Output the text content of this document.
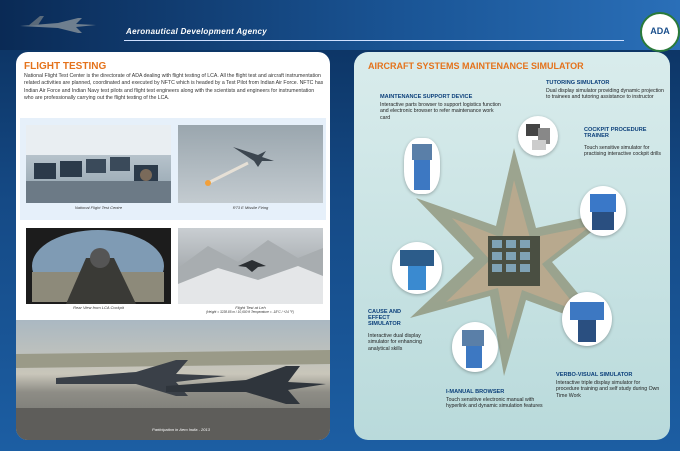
Aeronautical Development Agency	ADA
FLIGHT TESTING
National Flight Test Center is the directorate of ADA dealing with flight testing of LCA. All the flight test and aircraft instrumentation related activities are planned, coordinated and executed by NFTC which is headed by a Test Pilot from Indian Air Force. NFTC has Indian Air Force and Indian Navy test pilots and flight test engineers along with the scientists and engineers for instrumentation who are professionally carrying out the flight testing of the LCA.
National Flight Test Centre	R73 E Missile Firing
Rear View from LCA Cockpit	Flight Test at Leh
(Height = 3238.85 m / 10,600 ft Temperature = -18°C / +24 °F)
Participation in Aero India - 2013
AIRCRAFT SYSTEMS MAINTENANCE SIMULATOR
MAINTENANCE SUPPORT DEVICE
Interactive parts browser to support logistics function and electronic browser to refer maintenance work card
TUTORING SIMULATOR
Dual display simulator providing dynamic projection to trainees and tutoring assistance to instructor
COCKPIT PROCEDURE TRAINER
Touch sensitive simulator for practising interactive cockpit drills
CAUSE AND EFFECT SIMULATOR
Interactive dual display simulator for enhancing analytical skills
I-MANUAL BROWSER
Touch sensitive electronic manual with hyperlink and dynamic simulation features
VERBO-VISUAL SIMULATOR
Interactive triple display simulator for procedure training and self study during Own Time Work
